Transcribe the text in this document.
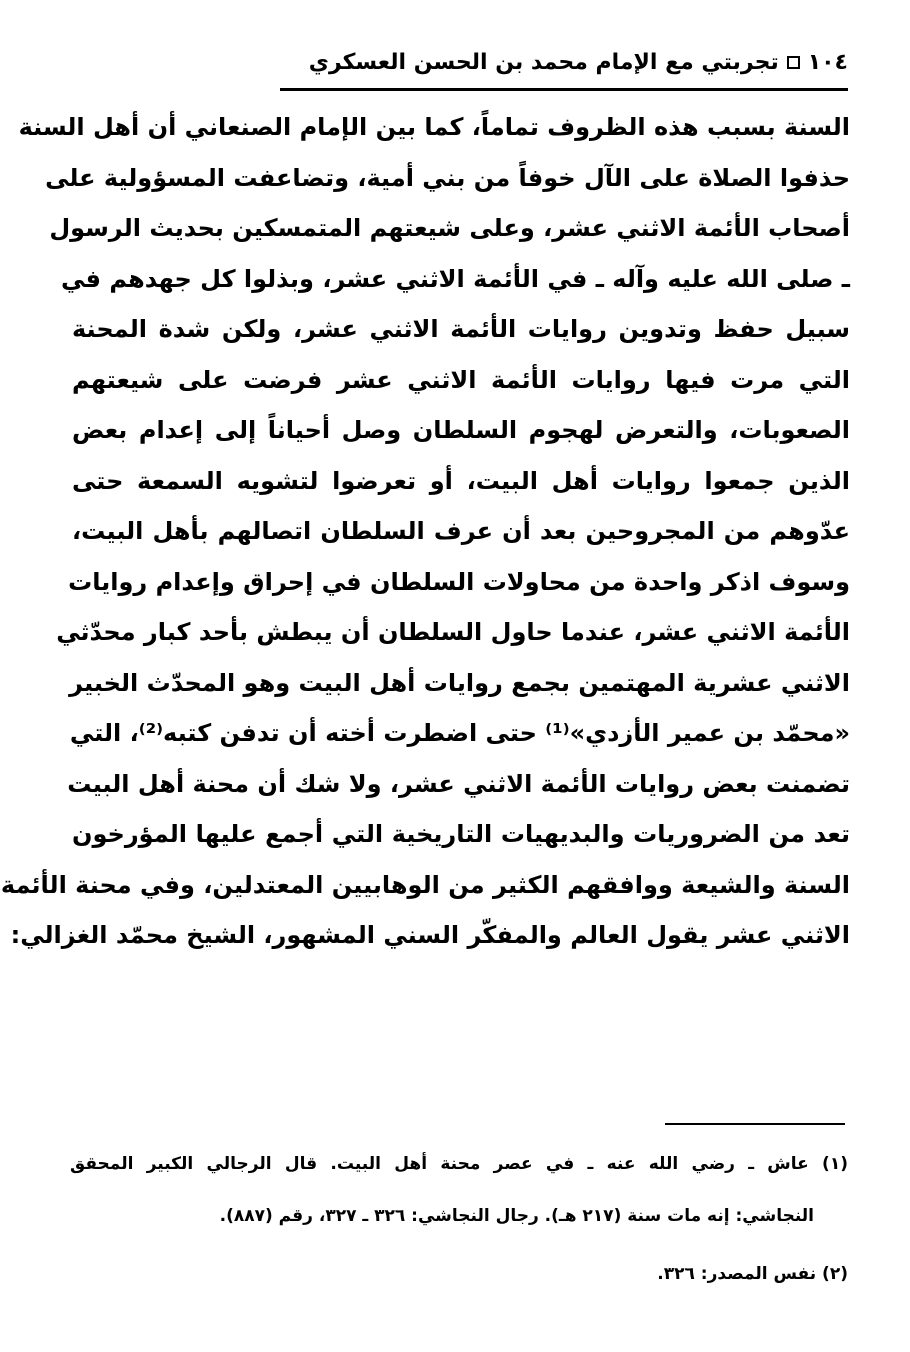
١٠٤
تجربتي مع الإمام محمد بن الحسن العسكري
السنة بسبب هذه الظروف تماماً، كما بين الإمام الصنعاني أن أهل السنة
حذفوا الصلاة على الآل خوفاً من بني أمية، وتضاعفت المسؤولية على
أصحاب الأئمة الاثني عشر، وعلى شيعتهم المتمسكين بحديث الرسول
ـ صلى الله عليه وآله ـ في الأئمة الاثني عشر، وبذلوا كل جهدهم في
سبيل حفظ وتدوين روايات الأئمة الاثني عشر، ولكن شدة المحنة
التي مرت فيها روايات الأئمة الاثني عشر فرضت على شيعتهم
الصعوبات، والتعرض لهجوم السلطان وصل أحياناً إلى إعدام بعض
الذين جمعوا روايات أهل البيت، أو تعرضوا لتشويه السمعة حتى
عدّوهم من المجروحين بعد أن عرف السلطان اتصالهم بأهل البيت،
وسوف اذكر واحدة من محاولات السلطان في إحراق وإعدام روايات
الأئمة الاثني عشر، عندما حاول السلطان أن يبطش بأحد كبار محدّثي
الاثني عشرية المهتمين بجمع روايات أهل البيت وهو المحدّث الخبير
«محمّد بن عمير الأزدي»⁽¹⁾ حتى اضطرت أخته أن تدفن كتبه⁽²⁾، التي
تضمنت بعض روايات الأئمة الاثني عشر، ولا شك أن محنة أهل البيت
تعد من الضروريات والبديهيات التاريخية التي أجمع عليها المؤرخون
السنة والشيعة ووافقهم الكثير من الوهابيين المعتدلين، وفي محنة الأئمة
الاثني عشر يقول العالم والمفكّر السني المشهور، الشيخ محمّد الغزالي:
(١) عاش ـ رضي الله عنه ـ في عصر محنة أهل البيت. قال الرجالي الكبير المحقق
النجاشي: إنه مات سنة (٢١٧ هـ). رجال النجاشي: ٣٢٦ ـ ٣٢٧، رقم (٨٨٧).
(٢) نفس المصدر: ٣٢٦.
